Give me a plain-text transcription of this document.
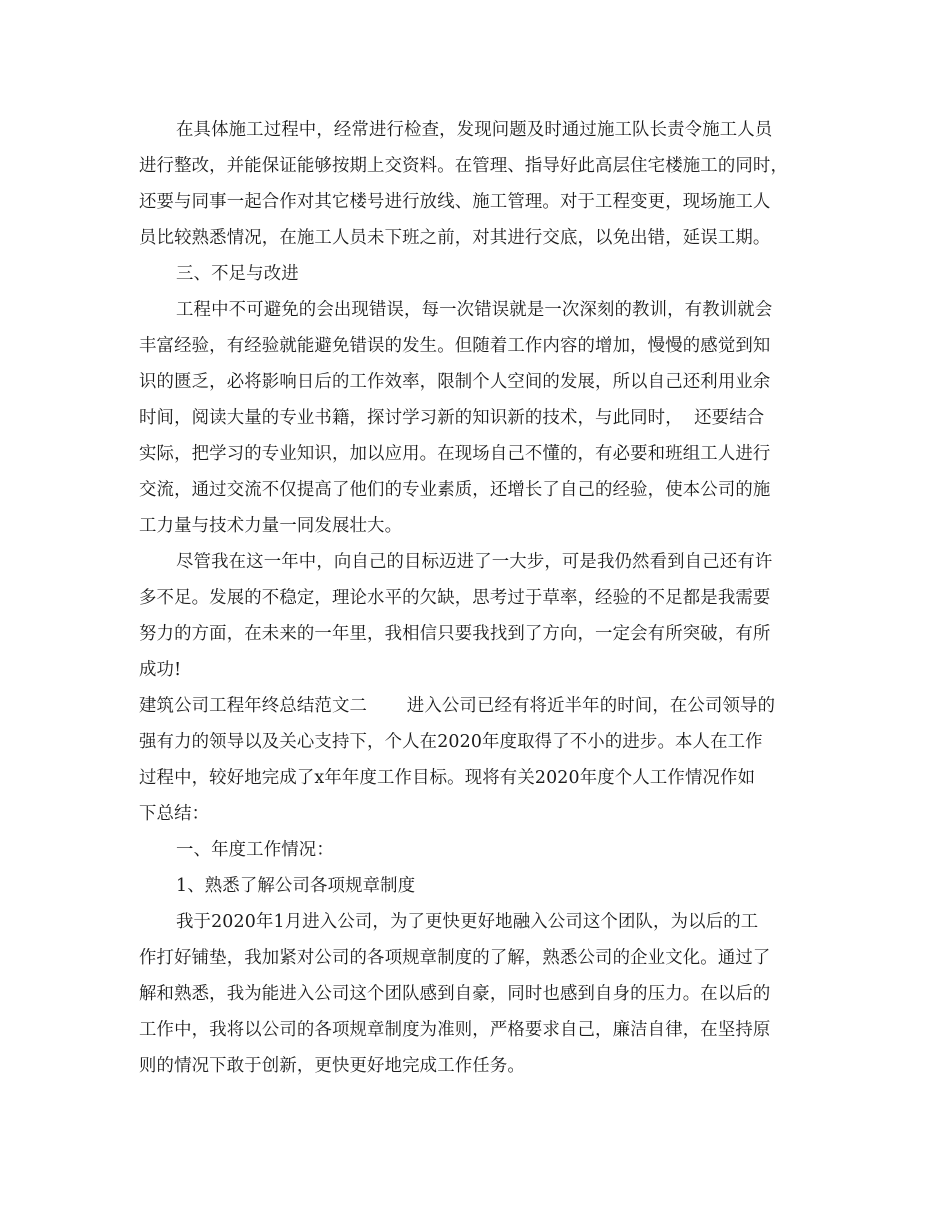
在具体施工过程中，经常进行检查，发现问题及时通过施工队长责令施工人员
进行整改，并能保证能够按期上交资料。在管理、指导好此高层住宅楼施工的同时，
还要与同事一起合作对其它楼号进行放线、施工管理。对于工程变更，现场施工人
员比较熟悉情况，在施工人员未下班之前，对其进行交底，以免出错，延误工期。
三、不足与改进
工程中不可避免的会出现错误，每一次错误就是一次深刻的教训，有教训就会
丰富经验，有经验就能避免错误的发生。但随着工作内容的增加，慢慢的感觉到知
识的匮乏，必将影响日后的工作效率，限制个人空间的发展，所以自己还利用业余
时间，阅读大量的专业书籍，探讨学习新的知识新的技术，与此同时，  还要结合
实际，把学习的专业知识，加以应用。在现场自己不懂的，有必要和班组工人进行
交流，通过交流不仅提高了他们的专业素质，还增长了自己的经验，使本公司的施
工力量与技术力量一同发展壮大。
尽管我在这一年中，向自己的目标迈进了一大步，可是我仍然看到自己还有许
多不足。发展的不稳定，理论水平的欠缺，思考过于草率，经验的不足都是我需要
努力的方面，在未来的一年里，我相信只要我找到了方向，一定会有所突破，有所
成功!
建筑公司工程年终总结范文二       进入公司已经有将近半年的时间，在公司领导的
强有力的领导以及关心支持下，个人在2020年度取得了不小的进步。本人在工作
过程中，较好地完成了x年年度工作目标。现将有关2020年度个人工作情况作如
下总结：
一、年度工作情况：
1、熟悉了解公司各项规章制度
我于2020年1月进入公司，为了更快更好地融入公司这个团队，为以后的工
作打好铺垫，我加紧对公司的各项规章制度的了解，熟悉公司的企业文化。通过了
解和熟悉，我为能进入公司这个团队感到自豪，同时也感到自身的压力。在以后的
工作中，我将以公司的各项规章制度为准则，严格要求自己，廉洁自律，在坚持原
则的情况下敢于创新，更快更好地完成工作任务。
